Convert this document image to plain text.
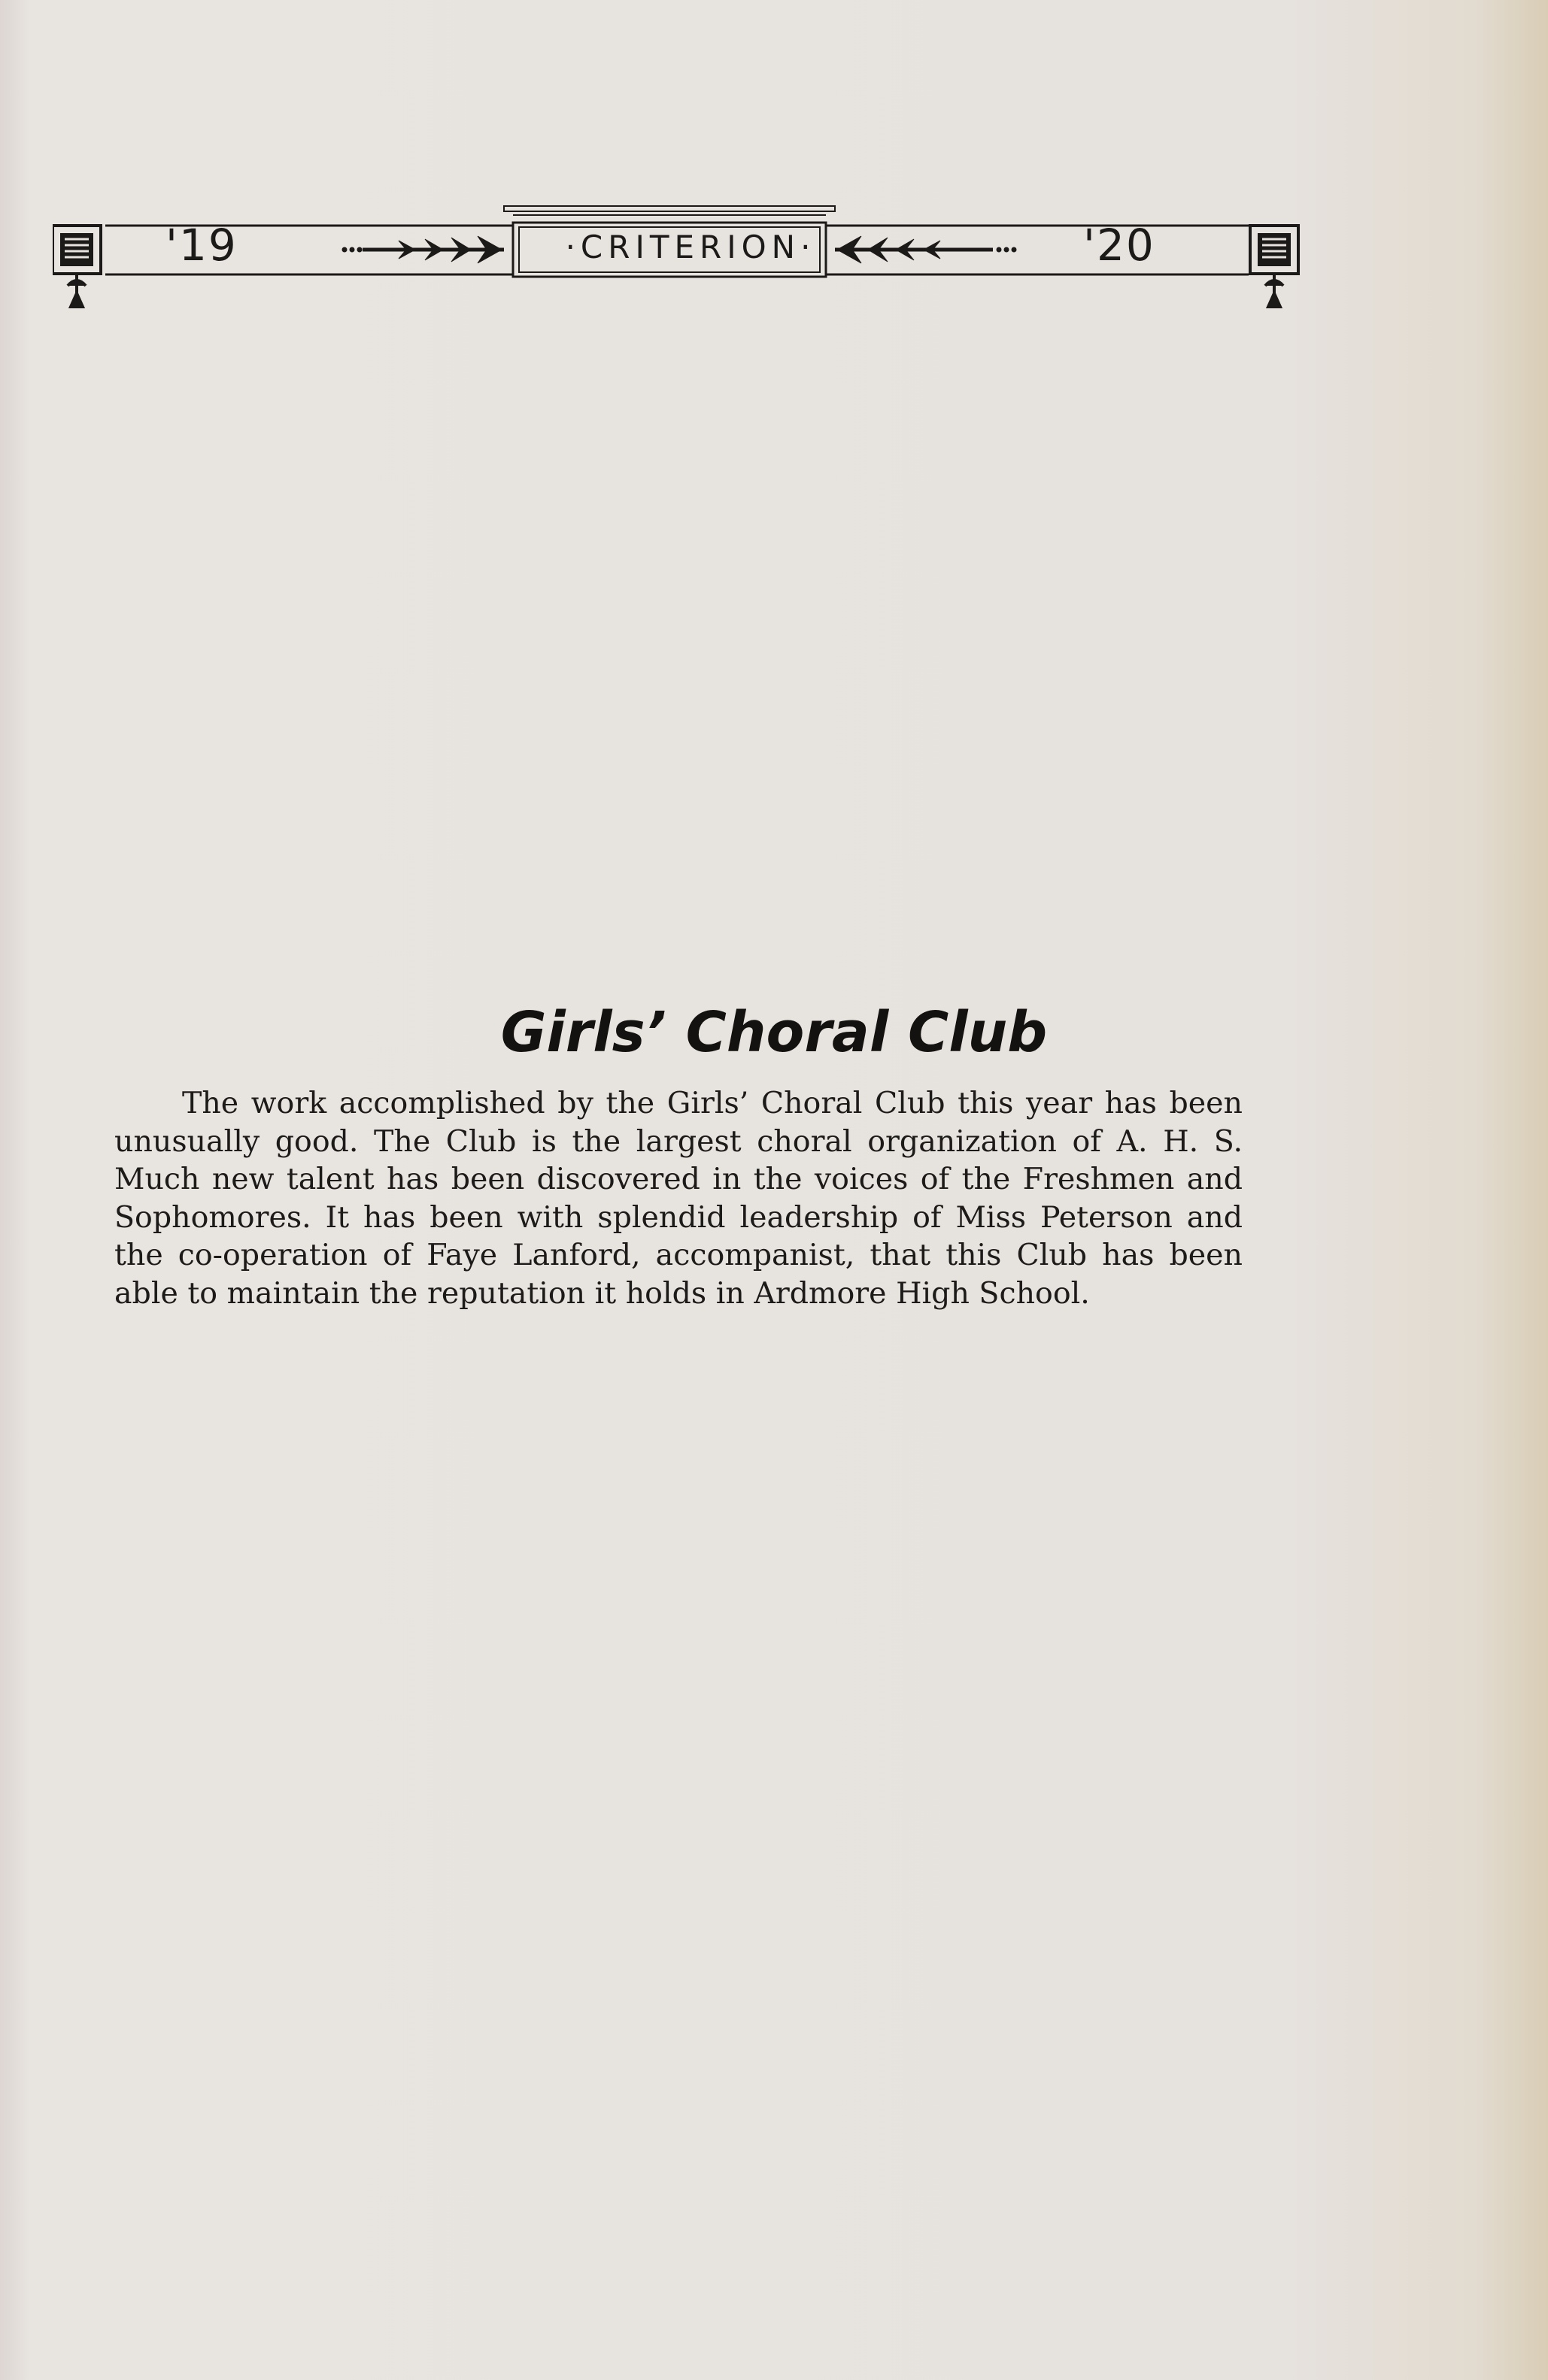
'19	·CRITERION·	'20
Girls’ Choral Club
The work accomplished by the Girls’ Choral Club this year has been unusually good. The Club is the largest choral organization of A. H. S. Much new talent has been discovered in the voices of the Freshmen and Sophomores. It has been with splendid leadership of Miss Peterson and the co-operation of Faye Lanford, accompanist, that this Club has been able to maintain the reputation it holds in Ardmore High School.
